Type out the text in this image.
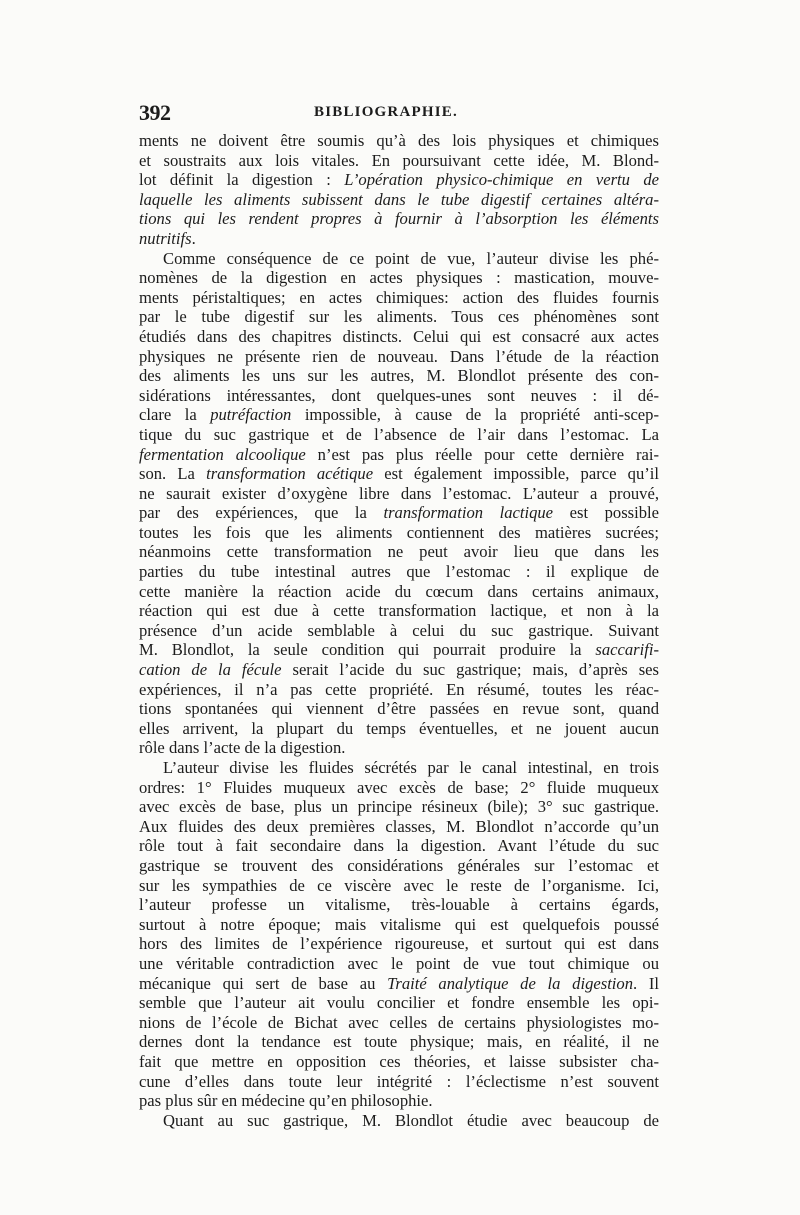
392	BIBLIOGRAPHIE.
ments ne doivent être soumis qu’à des lois physiques et chimiques
et soustraits aux lois vitales. En poursuivant cette idée, M. Blond-
lot définit la digestion : L’opération physico-chimique en vertu de
laquelle les aliments subissent dans le tube digestif certaines altéra-
tions qui les rendent propres à fournir à l’absorption les éléments
nutritifs.
Comme conséquence de ce point de vue, l’auteur divise les phé-
nomènes de la digestion en actes physiques : mastication, mouve-
ments péristaltiques; en actes chimiques: action des fluides fournis
par le tube digestif sur les aliments. Tous ces phénomènes sont
étudiés dans des chapitres distincts. Celui qui est consacré aux actes
physiques ne présente rien de nouveau. Dans l’étude de la réaction
des aliments les uns sur les autres, M. Blondlot présente des con-
sidérations intéressantes, dont quelques-unes sont neuves : il dé-
clare la putréfaction impossible, à cause de la propriété anti-scep-
tique du suc gastrique et de l’absence de l’air dans l’estomac. La
fermentation alcoolique n’est pas plus réelle pour cette dernière rai-
son. La transformation acétique est également impossible, parce qu’il
ne saurait exister d’oxygène libre dans l’estomac. L’auteur a prouvé,
par des expériences, que la transformation lactique est possible
toutes les fois que les aliments contiennent des matières sucrées;
néanmoins cette transformation ne peut avoir lieu que dans les
parties du tube intestinal autres que l’estomac : il explique de
cette manière la réaction acide du cœcum dans certains animaux,
réaction qui est due à cette transformation lactique, et non à la
présence d’un acide semblable à celui du suc gastrique. Suivant
M. Blondlot, la seule condition qui pourrait produire la saccarifi-
cation de la fécule serait l’acide du suc gastrique; mais, d’après ses
expériences, il n’a pas cette propriété. En résumé, toutes les réac-
tions spontanées qui viennent d’être passées en revue sont, quand
elles arrivent, la plupart du temps éventuelles, et ne jouent aucun
rôle dans l’acte de la digestion.
L’auteur divise les fluides sécrétés par le canal intestinal, en trois
ordres: 1° Fluides muqueux avec excès de base; 2° fluide muqueux
avec excès de base, plus un principe résineux (bile); 3° suc gastrique.
Aux fluides des deux premières classes, M. Blondlot n’accorde qu’un
rôle tout à fait secondaire dans la digestion. Avant l’étude du suc
gastrique se trouvent des considérations générales sur l’estomac et
sur les sympathies de ce viscère avec le reste de l’organisme. Ici,
l’auteur professe un vitalisme, très-louable à certains égards,
surtout à notre époque; mais vitalisme qui est quelquefois poussé
hors des limites de l’expérience rigoureuse, et surtout qui est dans
une véritable contradiction avec le point de vue tout chimique ou
mécanique qui sert de base au Traité analytique de la digestion. Il
semble que l’auteur ait voulu concilier et fondre ensemble les opi-
nions de l’école de Bichat avec celles de certains physiologistes mo-
dernes dont la tendance est toute physique; mais, en réalité, il ne
fait que mettre en opposition ces théories, et laisse subsister cha-
cune d’elles dans toute leur intégrité : l’éclectisme n’est souvent
pas plus sûr en médecine qu’en philosophie.
Quant au suc gastrique, M. Blondlot étudie avec beaucoup de
